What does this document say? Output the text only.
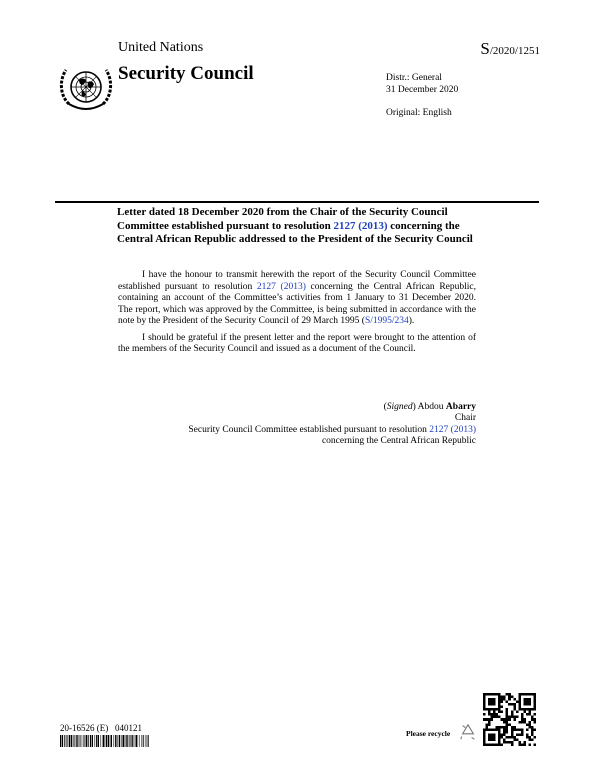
United Nations	S/2020/1251
Security Council	Distr.: General
31 December 2020
Original: English
Letter dated 18 December 2020 from the Chair of the Security Council Committee established pursuant to resolution 2127 (2013) concerning the Central African Republic addressed to the President of the Security Council

I have the honour to transmit herewith the report of the Security Council Committee established pursuant to resolution 2127 (2013) concerning the Central African Republic, containing an account of the Committee’s activities from 1 January to 31 December 2020. The report, which was approved by the Committee, is being submitted in accordance with the note by the President of the Security Council of 29 March 1995 (S/1995/234).

I should be grateful if the present letter and the report were brought to the attention of the members of the Security Council and issued as a document of the Council.

(Signed) Abdou Abarry
Chair
Security Council Committee established pursuant to resolution 2127 (2013)
concerning the Central African Republic
20-16526 (E) 040121
Please recycle
